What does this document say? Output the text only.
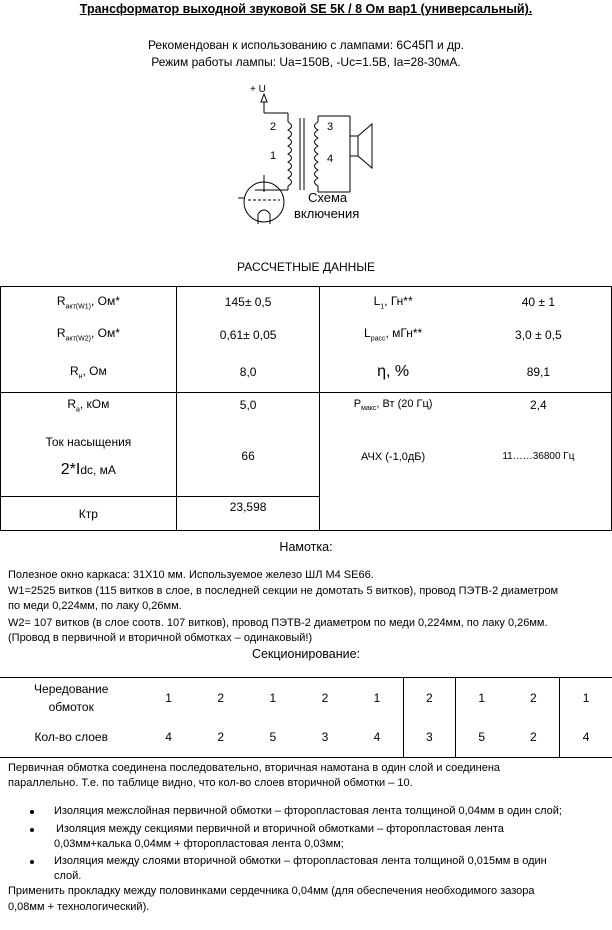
Трансформатор выходной звуковой SE 5К / 8 Ом вар1 (универсальный).
Рекомендован к использованию с лампами: 6С45П и др.
Режим работы лампы: Ua=150В, -Uc=1.5В, Ia=28-30мА.
+ U
2
1
3
4
Схема
включения
РАССЧЕТНЫЕ ДАННЫЕ
$R_{акт(W1)}$, Ом*	145± 0,5	$L_1$, Гн**	40 ± 1
$R_{акт(W2)}$, Ом*	0,61± 0,05	$L_{расс}$, мГн**	3,0 ± 0,5
$R_н$, Ом	8,0	η, %	89,1
$R_a$, кОм	5,0	$P_{макс}$, Вт (20 Гц)	2,4

Ток насыщения
2*Idc, мА	66	АЧХ (-1,0дБ)	11……36800 Гц
Ктр	23,598		
Намотка:
Полезное окно каркаса: 31Х10 мм. Используемое железо ШЛ М4 SE66.
W1=2525 витков (115 витков в слое, в последней секции не домотать 5 витков), провод ПЭТВ-2 диаметром
по меди 0,224мм, по лаку 0,26мм.
W2= 107 витков (в слое соотв. 107 витков), провод ПЭТВ-2 диаметром по меди 0,224мм, по лаку 0,26мм.
(Провод в первичной и вторичной обмотках – одинаковый!)
Секционирование:
Чередование
обмоток	1	2	1	2	1	2	1	2	1
Кол-во слоев	4	2	5	3	4	3	5	2	4
Первичная обмотка соединена последовательно, вторичная намотана в один слой и соединена
параллельно. Т.е. по таблице видно, что кол-во слоев вторичной обмотки – 10.
Изоляция межслойная первичной обмотки – фторопластовая лента толщиной 0,04мм в один слой;
Изоляция между секциями первичной и вторичной обмотками – фторопластовая лента
0,03мм+калька 0,04мм + фторопластовая лента 0,03мм;
Изоляция между слоями вторичной обмотки – фторопластовая лента толщиной 0,015мм в один
слой.
Применить прокладку между половинками сердечника 0,04мм (для обеспечения необходимого зазора
0,08мм + технологический).
